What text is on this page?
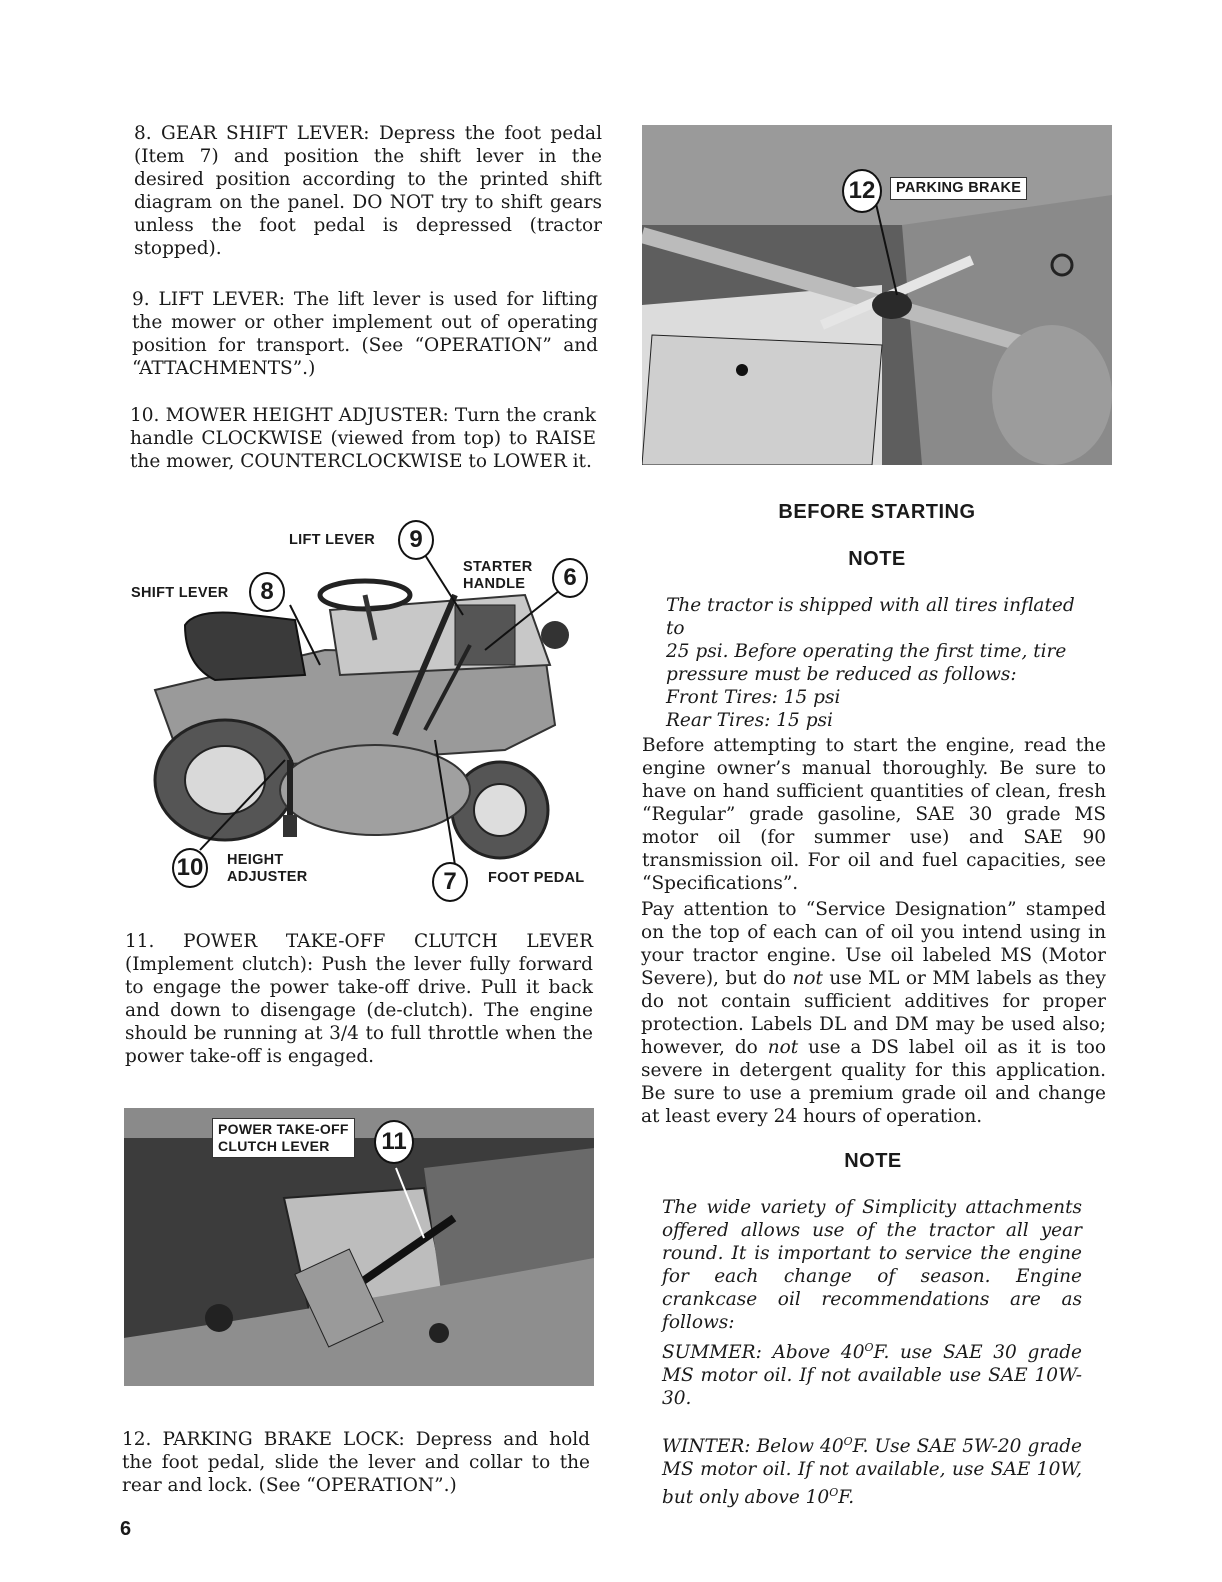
8. GEAR SHIFT LEVER: Depress the foot pedal (Item 7) and position the shift lever in the desired position according to the printed shift diagram on the panel. DO NOT try to shift gears unless the foot pedal is depressed (tractor stopped).

9. LIFT LEVER: The lift lever is used for lifting the mower or other implement out of operating position for transport. (See “OPERATION” and “ATTACHMENTS”.)

10. MOWER HEIGHT ADJUSTER: Turn the crank handle CLOCKWISE (viewed from top) to RAISE the mower, COUNTERCLOCKWISE to LOWER it.

LIFT LEVER	9
STARTER
HANDLE	6
SHIFT LEVER	8
10	HEIGHT
ADJUSTER	7	FOOT PEDAL

11. POWER TAKE-OFF CLUTCH LEVER (Implement clutch): Push the lever fully forward to engage the power take-off drive. Pull it back and down to disengage (de-clutch). The engine should be running at 3/4 to full throttle when the power take-off is engaged.

POWER TAKE-OFF
CLUTCH LEVER	11

12. PARKING BRAKE LOCK: Depress and hold the foot pedal, slide the lever and collar to the rear and lock. (See “OPERATION”.)

12	PARKING BRAKE
BEFORE STARTING
NOTE
The tractor is shipped with all tires inflated to
25 psi. Before operating the first time, tire
pressure must be reduced as follows:
Front Tires: 15 psi
Rear Tires: 15 psi

Before attempting to start the engine, read the engine owner’s manual thoroughly. Be sure to have on hand sufficient quantities of clean, fresh “Regular” grade gasoline, SAE 30 grade MS motor oil (for summer use) and SAE 90 transmission oil. For oil and fuel capacities, see “Specifications”.

Pay attention to “Service Designation” stamped on the top of each can of oil you intend using in your tractor engine. Use oil labeled MS (Motor Severe), but do not use ML or MM labels as they do not contain sufficient additives for proper protection. Labels DL and DM may be used also; however, do not use a DS label oil as it is too severe in detergent quality for this application. Be sure to use a premium grade oil and change at least every 24 hours of operation.

NOTE

The wide variety of Simplicity attachments offered allows use of the tractor all year round. It is important to service the engine for each change of season. Engine crankcase oil recommendations are as follows:

SUMMER: Above $40^OF$. use SAE 30 grade MS motor oil. If not available use SAE 10W-30.

WINTER: Below $40^OF$. Use SAE 5W-20 grade MS motor oil. If not available, use SAE 10W, but only above $10^OF$.

6
